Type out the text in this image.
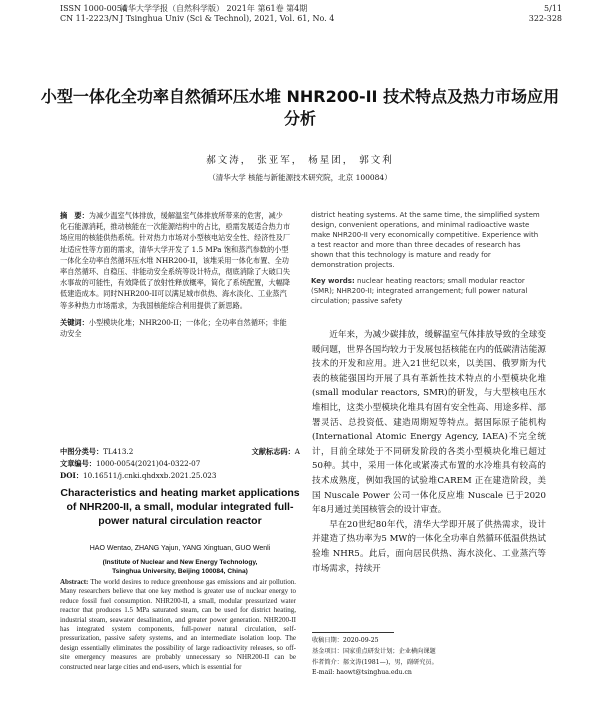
ISSN 1000-0054
CN 11-2223/N
清华大学学报（自然科学版） 2021年 第61卷 第4期
J Tsinghua Univ (Sci & Technol), 2021, Vol. 61, No. 4
5/11
322-328
小型一体化全功率自然循环压水堆 NHR200-II 技术特点及热力市场应用分析
郝文涛， 张亚军， 杨星团， 郭文利
（清华大学 核能与新能源技术研究院，北京 100084）
摘　要：为减少温室气体排放，缓解温室气体排放所带来的危害，减少化石能源消耗，推动核能在一次能源结构中的占比，亟需发展适合热力市场应用的核能供热系统。针对热力市场对小型核电站安全性、经济性及厂址适应性等方面的需求，清华大学开发了 1.5 MPa 饱和蒸汽参数的小型一体化全功率自然循环压水堆 NHR200-II，该堆采用一体化布置、全功率自然循环、自稳压、非能动安全系统等设计特点，彻底消除了大破口失水事故的可能性，有效降低了放射性释放概率，简化了系统配置，大幅降低建造成本。同时NHR200-II可以满足城市供热、海水淡化、工业蒸汽等多种热力市场需求，为我国核能综合利用提供了新思路。
关键词：小型模块化堆；NHR200-II；一体化；全功率自然循环；非能动安全
中图分类号：TL413.2	文献标志码：A
文章编号：1000-0054(2021)04-0322-07
DOI：10.16511/j.cnki.qhdxxb.2021.25.023
Characteristics and heating market applications of NHR200-II, a small, modular integrated full-power natural circulation reactor
HAO Wentao, ZHANG Yajun, YANG Xingtuan, GUO Wenli
(Institute of Nuclear and New Energy Technology,
Tsinghua University, Beijing 100084, China)
Abstract: The world desires to reduce greenhouse gas emissions and air pollution. Many researchers believe that one key method is greater use of nuclear energy to reduce fossil fuel consumption. NHR200-II, a small, modular pressurized water reactor that produces 1.5 MPa saturated steam, can be used for district heating, industrial steam, seawater desalination, and greater power generation. NHR200-II has integrated system components, full-power natural circulation, self-pressurization, passive safety systems, and an intermediate isolation loop. The design essentially eliminates the possibility of large radioactivity releases, so off-site emergency measures are probably unnecessary so NHR200-II can be constructed near large cities and end-users, which is essential for
district heating systems. At the same time, the simplified system design, convenient operations, and minimal radioactive waste make NHR200-II very economically competitive. Experience with a test reactor and more than three decades of research has shown that this technology is mature and ready for demonstration projects.
Key words: nuclear heating reactors; small modular reactor (SMR); NHR200-II; integrated arrangement; full power natural circulation; passive safety

近年来，为减少碳排放，缓解温室气体排放导致的全球变暖问题，世界各国均较力于发展包括核能在内的低碳清洁能源技术的开发和应用。进入21世纪以来，以美国、俄罗斯为代表的核能强国均开展了具有革新性技术特点的小型模块化堆(small modular reactors, SMR)的研发，与大型核电压水堆相比，这类小型模块化堆具有固有安全性高、用途多样、部署灵活、总投资低、建造周期短等特点。据国际原子能机构(International Atomic Energy Agency, IAEA)不完全统计，目前全球处于不同研发阶段的各类小型模块化堆已超过50种。其中，采用一体化或紧凑式布置的水冷堆具有较高的技术成熟度，例如我国的试验堆CAREM 正在建造阶段，美国 Nuscale Power 公司一体化反应堆 Nuscale 已于2020年8月通过美国核管会的设计审查。

早在20世纪80年代，清华大学即开展了供热需求，设计并建造了热功率为5 MW的一体化全功率自然循环低温供热试验堆 NHR5。此后，面向居民供热、海水淡化、工业蒸汽等市场需求，持续开

收稿日期：2020-09-25
基金项目：国家重点研发计划；企业横向课题
作者简介：郝文涛(1981—)，男，副研究员。
E-mail: haowt@tsinghua.edu.cn
